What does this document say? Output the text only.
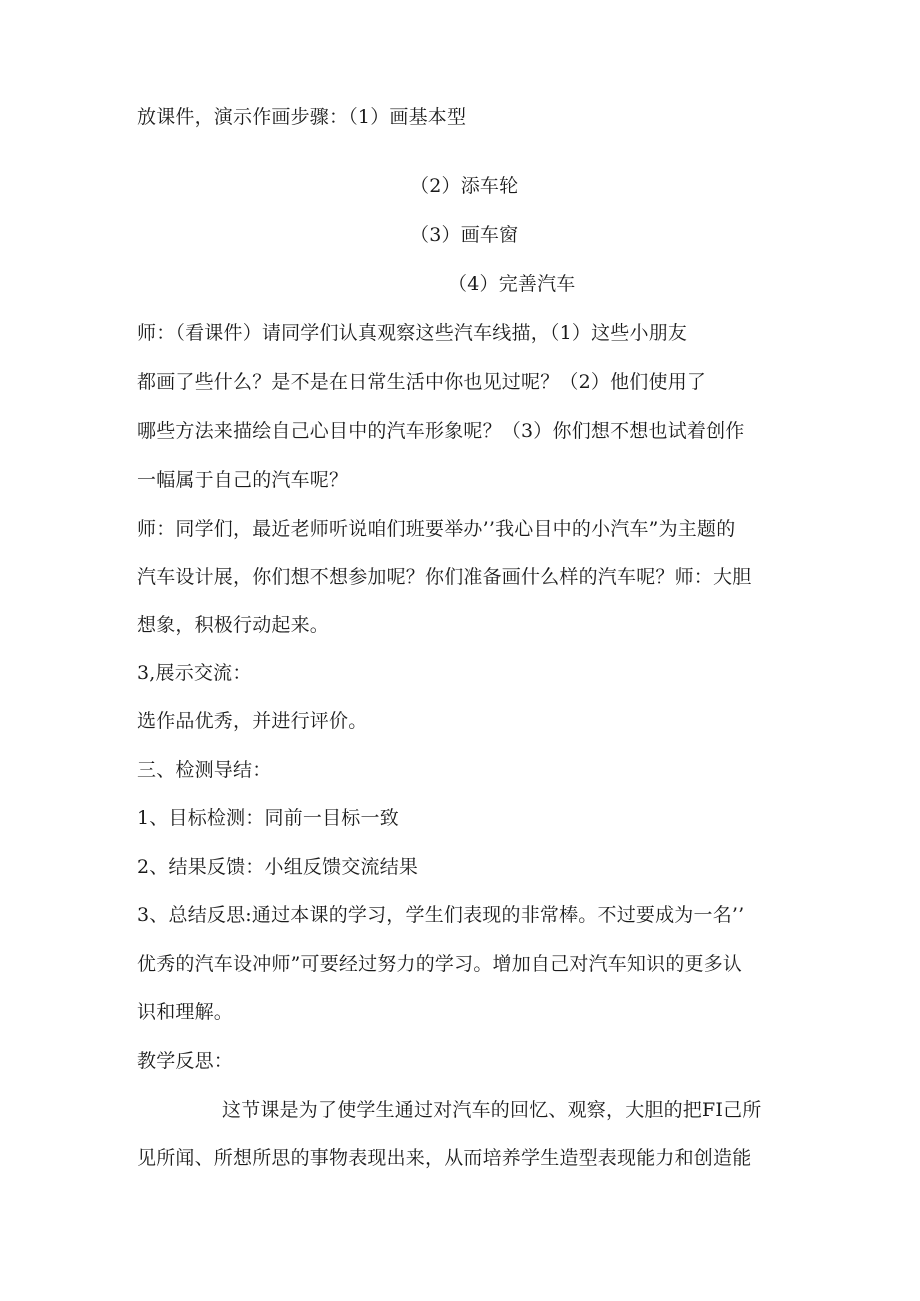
放课件，演示作画步骤：（1）画基本型
（2）添车轮
（3）画车窗
（4）完善汽车
师：（看课件）请同学们认真观察这些汽车线描，（1）这些小朋友
都画了些什么？是不是在日常生活中你也见过呢？（2）他们使用了
哪些方法来描绘自己心目中的汽车形象呢？（3）你们想不想也试着创作
一幅属于自己的汽车呢？
师：同学们，最近老师听说咱们班要举办’’我心目中的小汽车”为主题的
汽车设计展，你们想不想参加呢？你们准备画什么样的汽车呢？师：大胆
想象，积极行动起来。
3,展示交流：
选作品优秀，并进行评价。
三、检测导结：
1、目标检测：同前一目标一致
2、结果反馈：小组反馈交流结果
3、总结反思:通过本课的学习，学生们表现的非常棒。不过要成为一名’’
优秀的汽车设冲师”可要经过努力的学习。增加自己对汽车知识的更多认
识和理解。
教学反思：
这节课是为了使学生通过对汽车的回忆、观察，大胆的把FI己所
见所闻、所想所思的事物表现出来，从而培养学生造型表现能力和创造能
